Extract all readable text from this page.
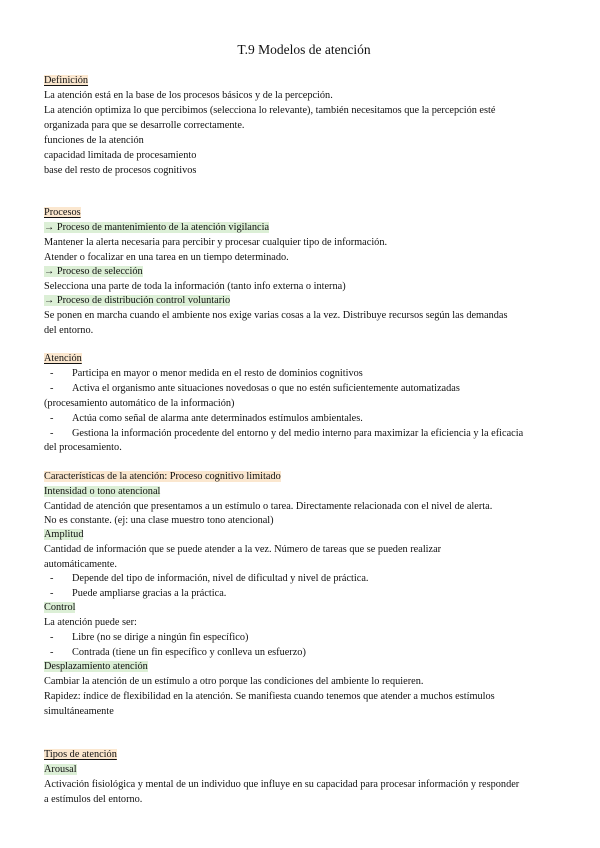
T.9 Modelos de atención
Definición
La atención está en la base de los procesos básicos y de la percepción.
La atención optimiza lo que percibimos (selecciona lo relevante), también necesitamos que la percepción esté
organizada para que se desarrolle correctamente.
funciones de la atención
capacidad limitada de procesamiento
base del resto de procesos cognitivos
Procesos
→ Proceso de mantenimiento de la atención vigilancia
Mantener la alerta necesaria para percibir y procesar cualquier tipo de información.
Atender o focalizar en una tarea en un tiempo determinado.
→ Proceso de selección
Selecciona una parte de toda la información (tanto info externa o interna)
→ Proceso de distribución control voluntario
Se ponen en marcha cuando el ambiente nos exige varias cosas a la vez. Distribuye recursos según las demandas
del entorno.
Atención
- Participa en mayor o menor medida en el resto de dominios cognitivos
- Activa el organismo ante situaciones novedosas o que no estén suficientemente automatizadas
(procesamiento automático de la información)
- Actúa como señal de alarma ante determinados estímulos ambientales.
- Gestiona la información procedente del entorno y del medio interno para maximizar la eficiencia y la eficacia
del procesamiento.
Características de la atención: Proceso cognitivo limitado
Intensidad o tono atencional
Cantidad de atención que presentamos a un estímulo o tarea. Directamente relacionada con el nivel de alerta.
No es constante. (ej: una clase muestro tono atencional)
Amplitud
Cantidad de información que se puede atender a la vez. Número de tareas que se pueden realizar
automáticamente.
- Depende del tipo de información, nivel de dificultad y nivel de práctica.
- Puede ampliarse gracias a la práctica.
Control
La atención puede ser:
- Libre (no se dirige a ningún fin específico)
- Contrada (tiene un fin específico y conlleva un esfuerzo)
Desplazamiento atención
Cambiar la atención de un estímulo a otro porque las condiciones del ambiente lo requieren.
Rapidez: índice de flexibilidad en la atención. Se manifiesta cuando tenemos que atender a muchos estímulos
simultáneamente
Tipos de atención
Arousal
Activación fisiológica y mental de un individuo que influye en su capacidad para procesar información y responder
a estímulos del entorno.
